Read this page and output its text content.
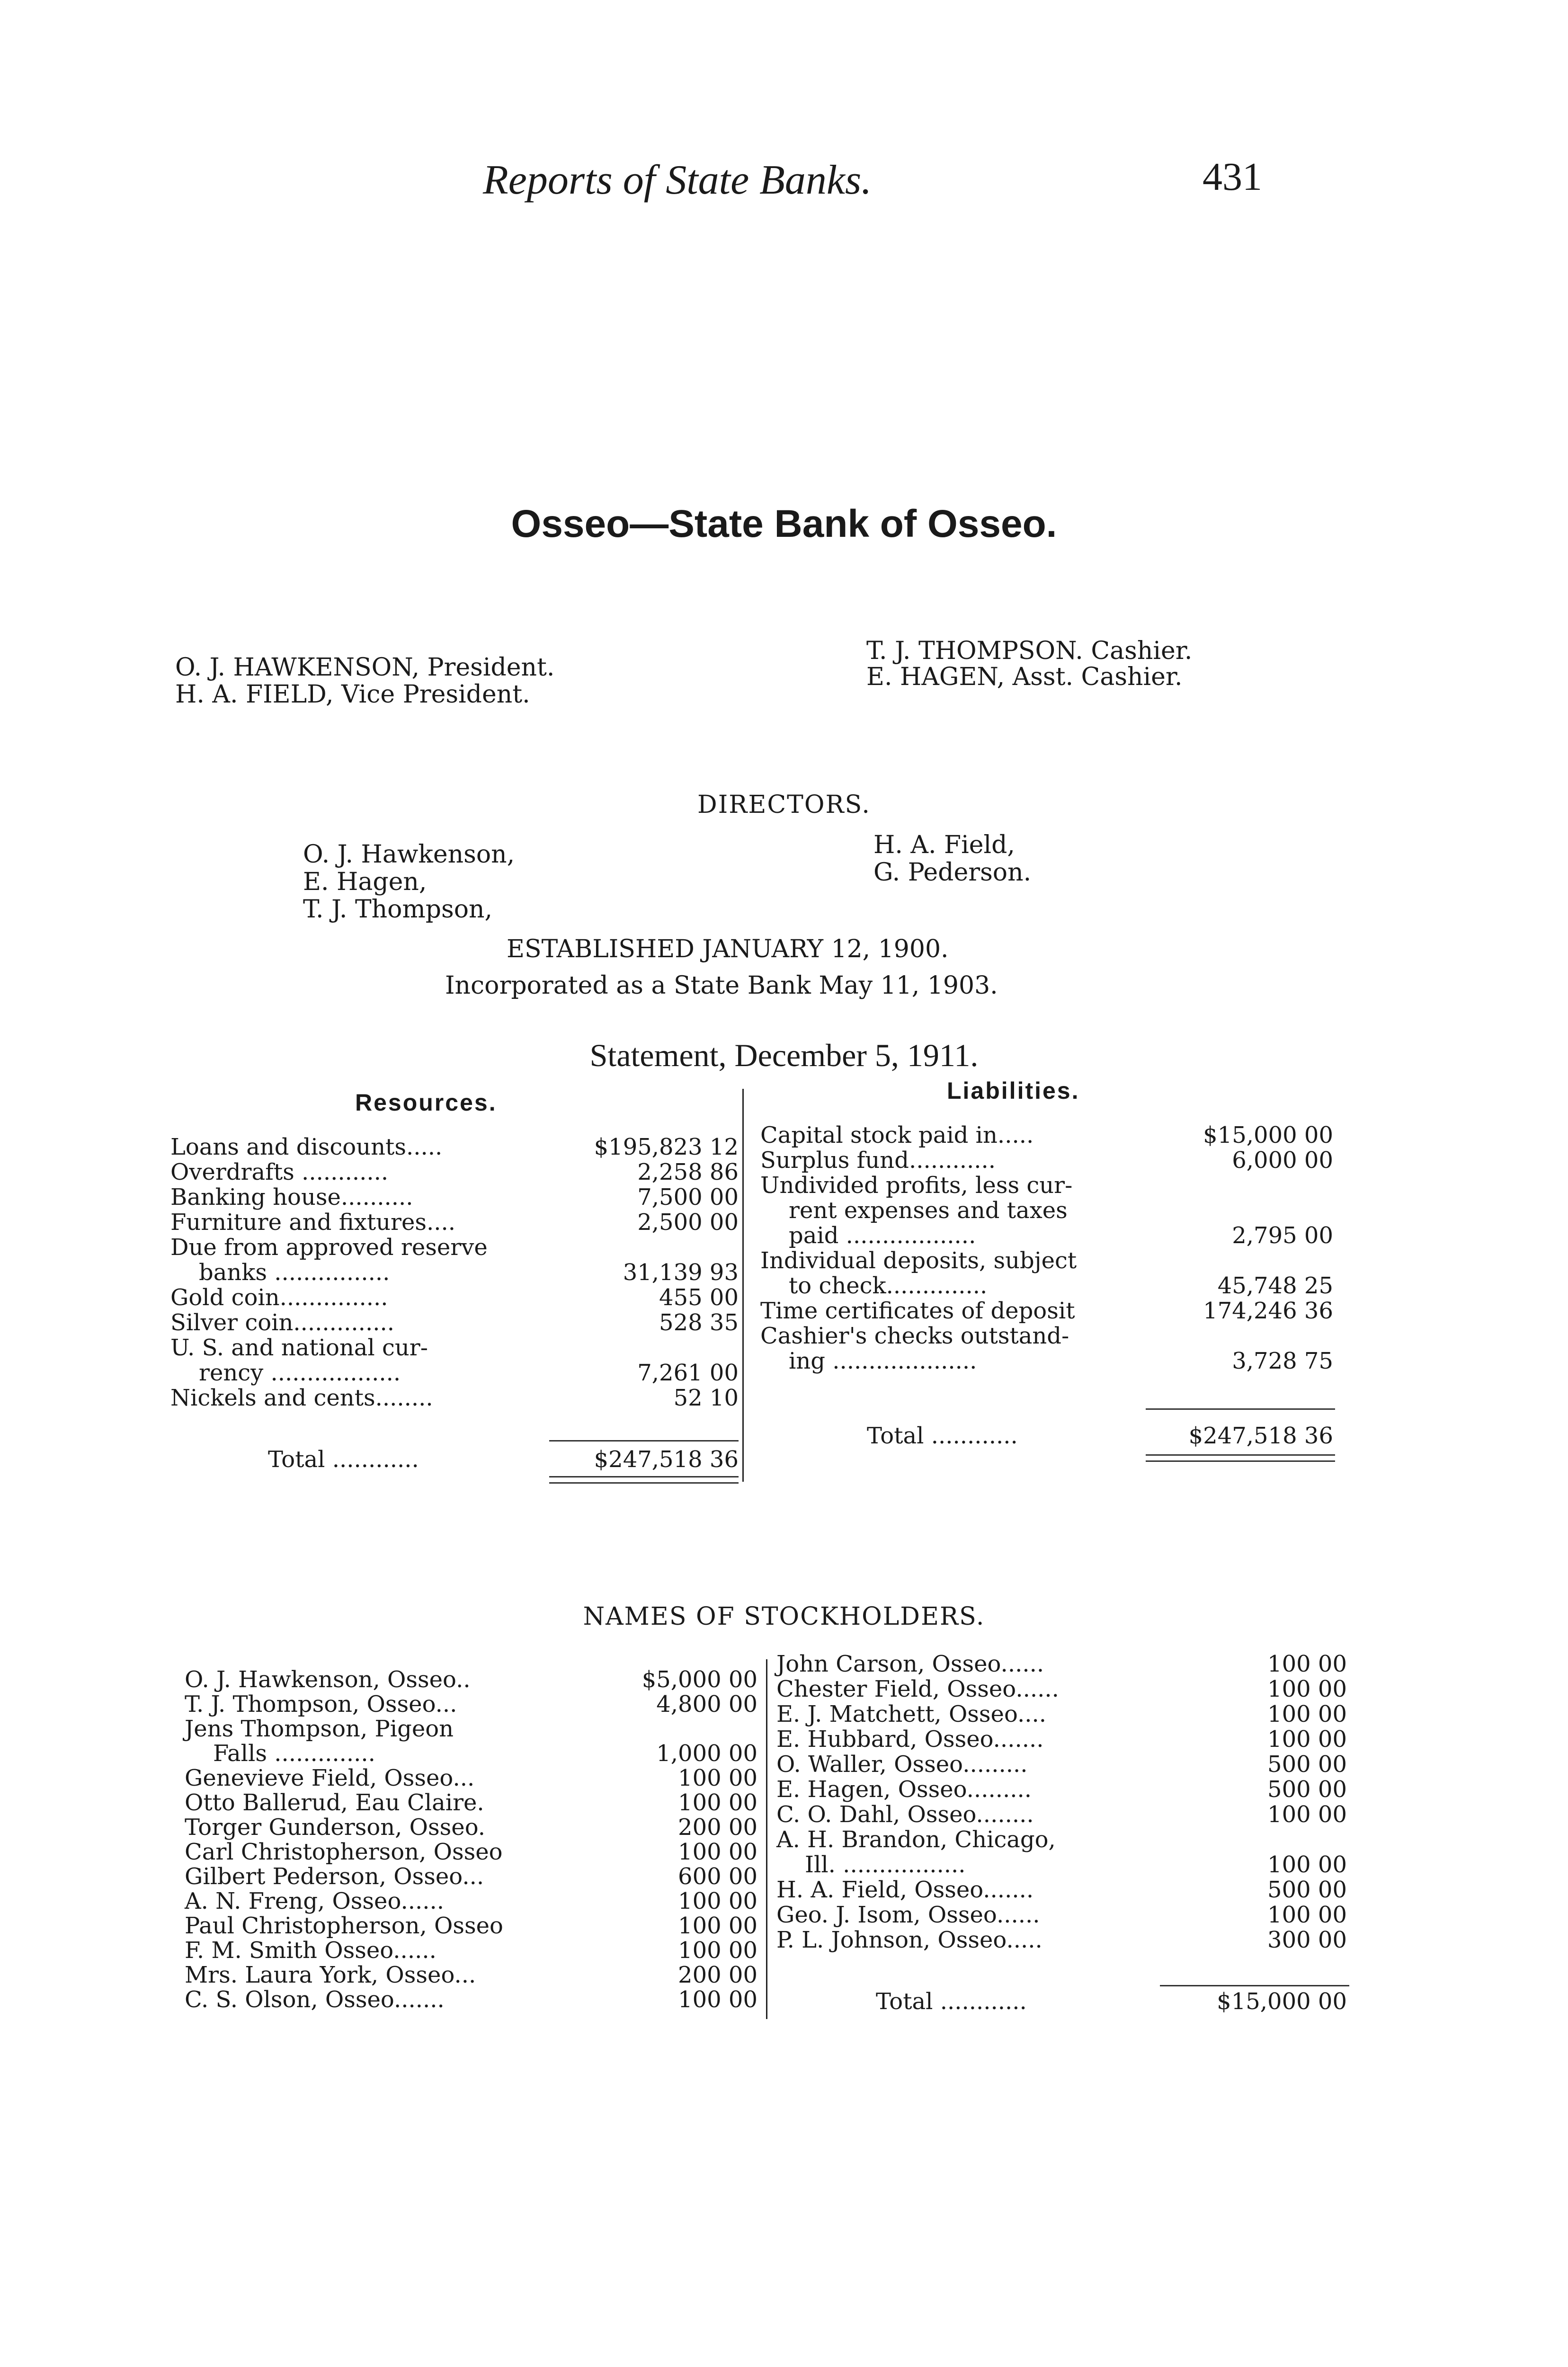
Reports of State Banks.	431
Osseo—State Bank of Osseo.
O. J. HAWKENSON, President.
H. A. FIELD, Vice President.
T. J. THOMPSON. Cashier.
E. HAGEN, Asst. Cashier.
DIRECTORS.
O. J. Hawkenson,
E. Hagen,
T. J. Thompson,
H. A. Field,
G. Pederson.
ESTABLISHED JANUARY 12, 1900.
Incorporated as a State Bank May 11, 1903.
Statement, December 5, 1911.
Resources.	Liabilities.
Loans and discounts.....	$195,823 12
Overdrafts ............	2,258 86
Banking house..........	7,500 00
Furniture and fixtures....	2,500 00
Due from approved reserve
banks ................	31,139 93
Gold coin...............	455 00
Silver coin..............	528 35
U. S. and national cur-
rency ..................	7,261 00
Nickels and cents........	52 10
Capital stock paid in.....	$15,000 00
Surplus fund............	6,000 00
Undivided profits, less cur-
rent expenses and taxes
paid ..................	2,795 00
Individual deposits, subject
to check..............	45,748 25
Time certificates of deposit	174,246 36
Cashier's checks outstand-
ing ....................	3,728 75
Total ............	$247,518 36
Total ............	$247,518 36
NAMES OF STOCKHOLDERS.
O. J. Hawkenson, Osseo..	$5,000 00
T. J. Thompson, Osseo...	4,800 00
Jens Thompson, Pigeon
Falls ..............	1,000 00
Genevieve Field, Osseo...	100 00
Otto Ballerud, Eau Claire.	100 00
Torger Gunderson, Osseo.	200 00
Carl Christopherson, Osseo	100 00
Gilbert Pederson, Osseo...	600 00
A. N. Freng, Osseo......	100 00
Paul Christopherson, Osseo	100 00
F. M. Smith Osseo......	100 00
Mrs. Laura York, Osseo...	200 00
C. S. Olson, Osseo.......	100 00
John Carson, Osseo......	100 00
Chester Field, Osseo......	100 00
E. J. Matchett, Osseo....	100 00
E. Hubbard, Osseo.......	100 00
O. Waller, Osseo.........	500 00
E. Hagen, Osseo.........	500 00
C. O. Dahl, Osseo........	100 00
A. H. Brandon, Chicago,
Ill. .................	100 00
H. A. Field, Osseo.......	500 00
Geo. J. Isom, Osseo......	100 00
P. L. Johnson, Osseo.....	300 00
Total ............	$15,000 00
